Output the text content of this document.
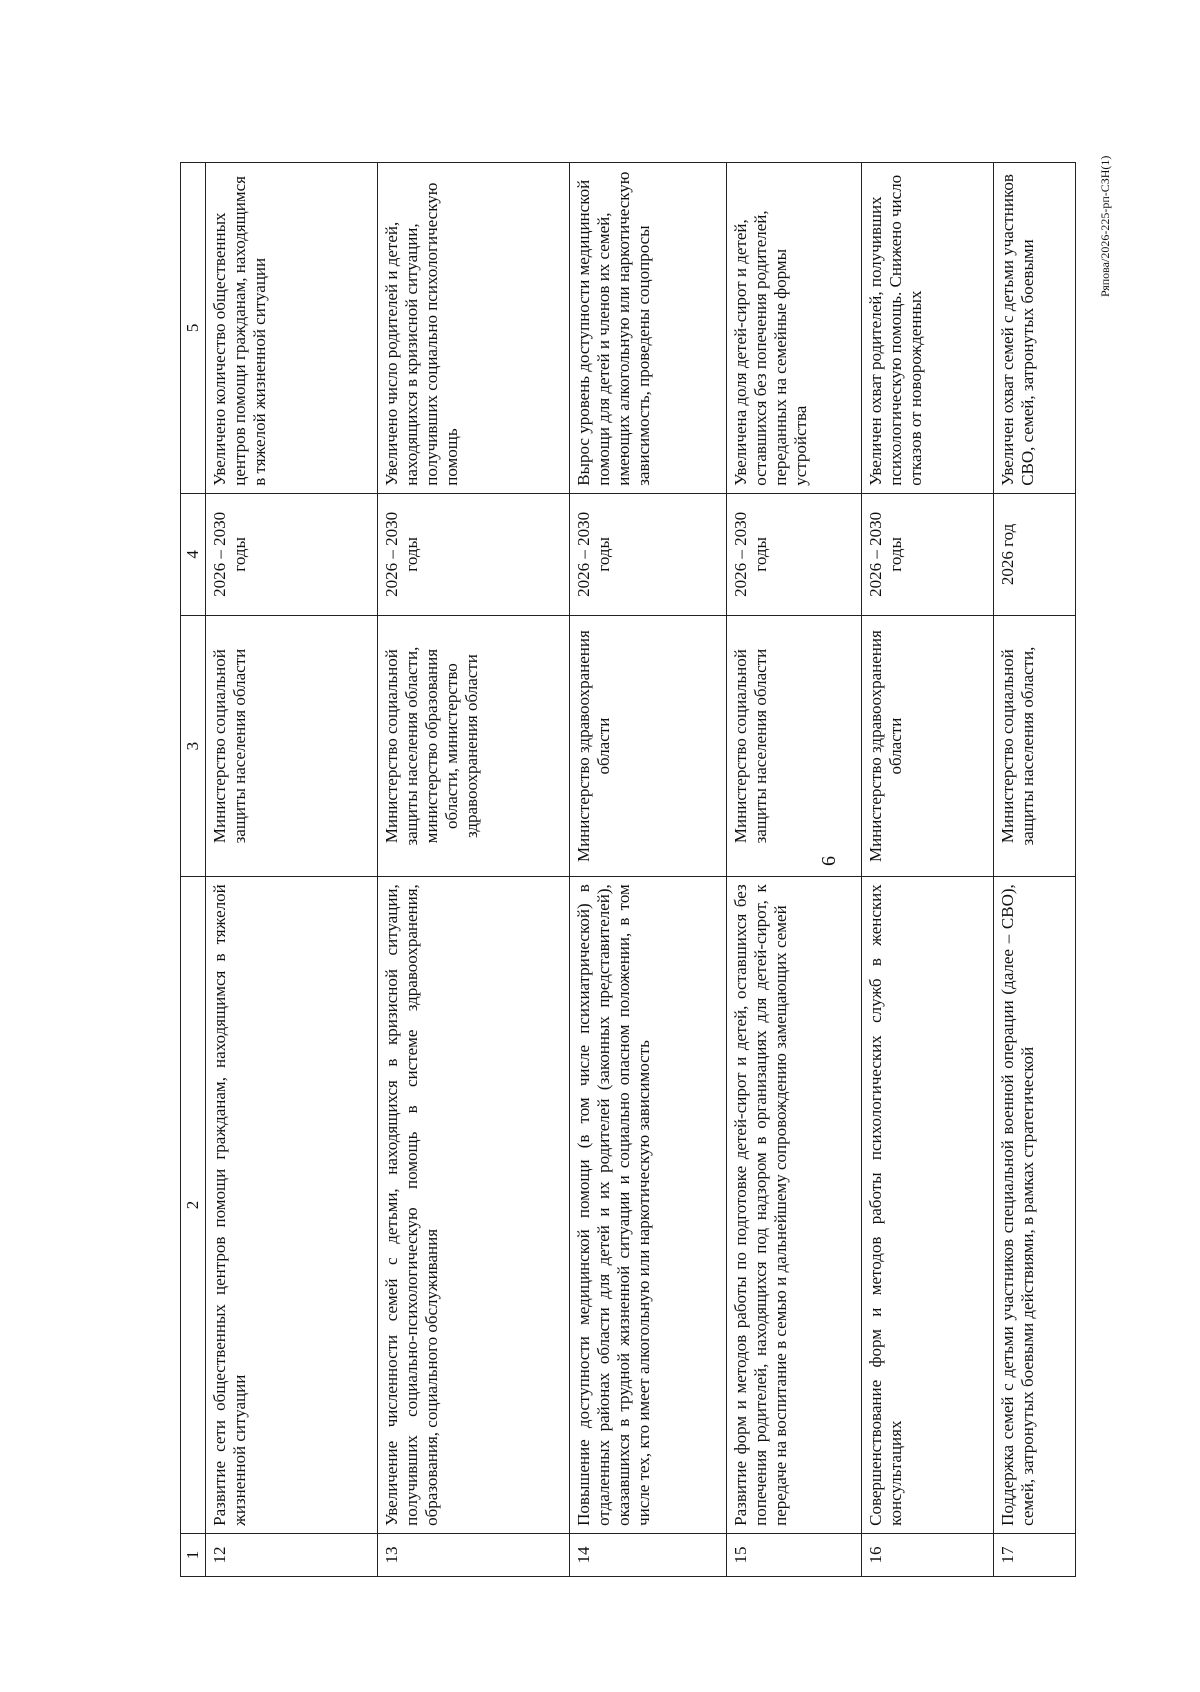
6
1	2	3	4	5
12	Развитие сети общественных центров помощи гражданам, находящимся в тяжелой жизненной ситуации	Министерство социальной защиты населения области	2026 – 2030 годы	Увеличено количество общественных центров помощи гражданам, находящимся в тяжелой жизненной ситуации
13	Увеличение численности семей с детьми, находящихся в кризисной ситуации, получивших социально-психологическую помощь в системе здравоохранения, образования, социального обслуживания	Министерство социальной защиты населения области, министерство образования области, министерство здравоохранения области	2026 – 2030 годы	Увеличено число родителей и детей, находящихся в кризисной ситуации, получивших социально психологическую помощь
14	Повышение доступности медицинской помощи (в том числе психиатрической) в отдаленных районах области для детей и их родителей (законных представителей), оказавшихся в трудной жизненной ситуации и социально опасном положении, в том числе тех, кто имеет алкогольную или наркотическую зависимость	Министерство здравоохранения области	2026 – 2030 годы	Вырос уровень доступности медицинской помощи для детей и членов их семей, имеющих алкогольную или наркотическую зависимость, проведены соцопросы
15	Развитие форм и методов работы по подготовке детей-сирот и детей, оставшихся без попечения родителей, находящихся под надзором в организациях для детей-сирот, к передаче на воспитание в семью и дальнейшему сопровождению замещающих семей	Министерство социальной защиты населения области	2026 – 2030 годы	Увеличена доля детей-сирот и детей, оставшихся без попечения родителей, переданных на семейные формы устройства
16	Совершенствование форм и методов работы психологических служб в женских консультациях	Министерство здравоохранения области	2026 – 2030 годы	Увеличен охват родителей, получивших психологическую помощь. Снижено число отказов от новорожденных
17	Поддержка семей с детьми участников специальной военной операции (далее – СВО), семей, затронутых боевыми действиями, в рамках стратегической	Министерство социальной защиты населения области,	2026 год	Увеличен охват семей с детьми участников СВО, семей, затронутых боевыми
Ряпова/2026-225-рп-СЗН(1)
